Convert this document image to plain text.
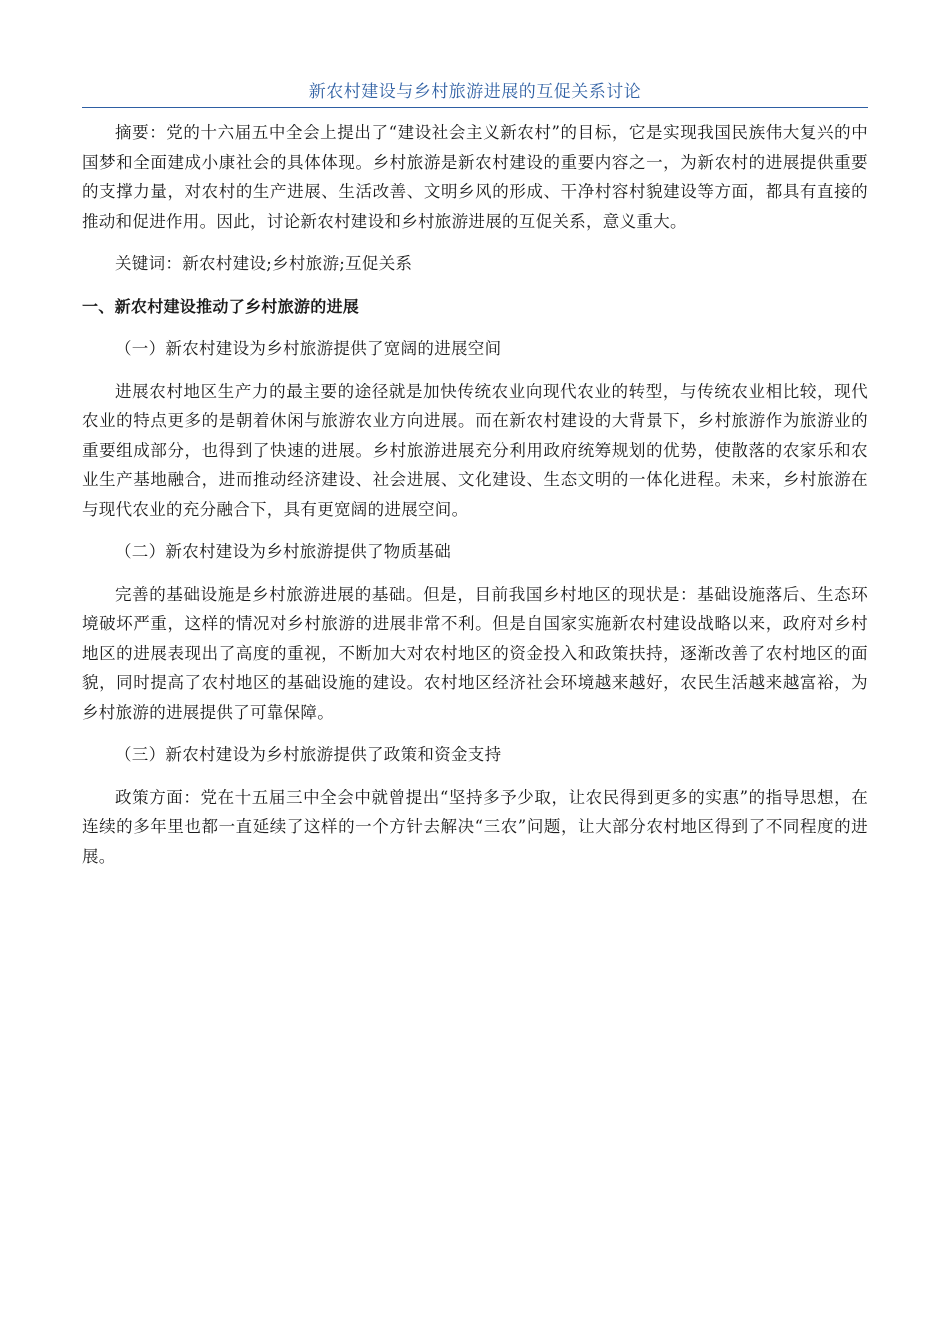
新农村建设与乡村旅游进展的互促关系讨论

摘要：党的十六届五中全会上提出了“建设社会主义新农村”的目标，它是实现我国民族伟大复兴的中国梦和全面建成小康社会的具体体现。乡村旅游是新农村建设的重要内容之一，为新农村的进展提供重要的支撑力量，对农村的生产进展、生活改善、文明乡风的形成、干净村容村貌建设等方面，都具有直接的推动和促进作用。因此，讨论新农村建设和乡村旅游进展的互促关系，意义重大。

关键词：新农村建设;乡村旅游;互促关系

一、新农村建设推动了乡村旅游的进展

（一）新农村建设为乡村旅游提供了宽阔的进展空间

进展农村地区生产力的最主要的途径就是加快传统农业向现代农业的转型，与传统农业相比较，现代农业的特点更多的是朝着休闲与旅游农业方向进展。而在新农村建设的大背景下，乡村旅游作为旅游业的重要组成部分，也得到了快速的进展。乡村旅游进展充分利用政府统筹规划的优势，使散落的农家乐和农业生产基地融合，进而推动经济建设、社会进展、文化建设、生态文明的一体化进程。未来，乡村旅游在与现代农业的充分融合下，具有更宽阔的进展空间。

（二）新农村建设为乡村旅游提供了物质基础

完善的基础设施是乡村旅游进展的基础。但是，目前我国乡村地区的现状是：基础设施落后、生态环境破坏严重，这样的情况对乡村旅游的进展非常不利。但是自国家实施新农村建设战略以来，政府对乡村地区的进展表现出了高度的重视，不断加大对农村地区的资金投入和政策扶持，逐渐改善了农村地区的面貌，同时提高了农村地区的基础设施的建设。农村地区经济社会环境越来越好，农民生活越来越富裕，为乡村旅游的进展提供了可靠保障。

（三）新农村建设为乡村旅游提供了政策和资金支持

政策方面：党在十五届三中全会中就曾提出“坚持多予少取，让农民得到更多的实惠”的指导思想，在连续的多年里也都一直延续了这样的一个方针去解决“三农”问题，让大部分农村地区得到了不同程度的进展。
